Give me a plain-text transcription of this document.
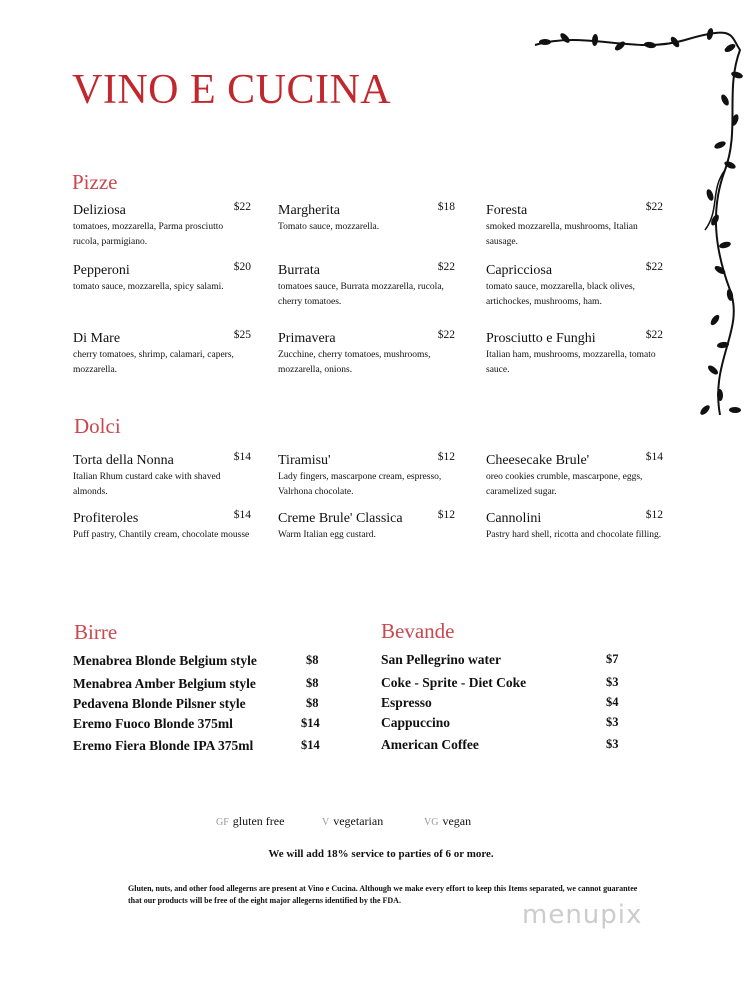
VINO E CUCINA
Pizze
Deliziosa	$22
tomatoes, mozzarella, Parma prosciutto rucola, parmigiano.
Margherita	$18
Tomato sauce, mozzarella.
Foresta	$22
smoked mozzarella, mushrooms, Italian sausage.
Pepperoni	$20
tomato sauce, mozzarella, spicy salami.
Burrata	$22
tomatoes sauce, Burrata mozzarella, rucola, cherry tomatoes.
Capricciosa	$22
tomato sauce, mozzarella, black olives, artichockes, mushrooms, ham.
Di Mare	$25
cherry tomatoes, shrimp, calamari, capers, mozzarella.
Primavera	$22
Zucchine, cherry tomatoes, mushrooms, mozzarella, onions.
Prosciutto e Funghi	$22
Italian ham, mushrooms, mozzarella, tomato sauce.
Dolci
Torta della Nonna	$14
Italian Rhum custard cake with shaved almonds.
Tiramisu'	$12
Lady fingers, mascarpone cream, espresso, Valrhona chocolate.
Cheesecake Brule'	$14
oreo cookies crumble, mascarpone, eggs, caramelized sugar.
Profiteroles	$14
Puff pastry, Chantily cream, chocolate mousse
Creme Brule' Classica	$12
Warm Italian egg custard.
Cannolini	$12
Pastry hard shell, ricotta and chocolate filling.
Birre	Bevande
Menabrea Blonde Belgium style	$8
Menabrea Amber Belgium style	$8
Pedavena Blonde Pilsner style	$8
Eremo Fuoco Blonde 375ml	$14
Eremo Fiera Blonde IPA 375ml	$14
San Pellegrino water	$7
Coke - Sprite - Diet Coke	$3
Espresso	$4
Cappuccino	$3
American Coffee	$3
GF gluten free	V vegetarian	VG vegan
We will add 18% service to parties of 6 or more.
Gluten, nuts, and other food allegerns are present at Vino e Cucina. Although we make every effort to keep this Items separated, we cannot guarantee that our products will be free of the eight major allegerns identified by the FDA.	menupix
